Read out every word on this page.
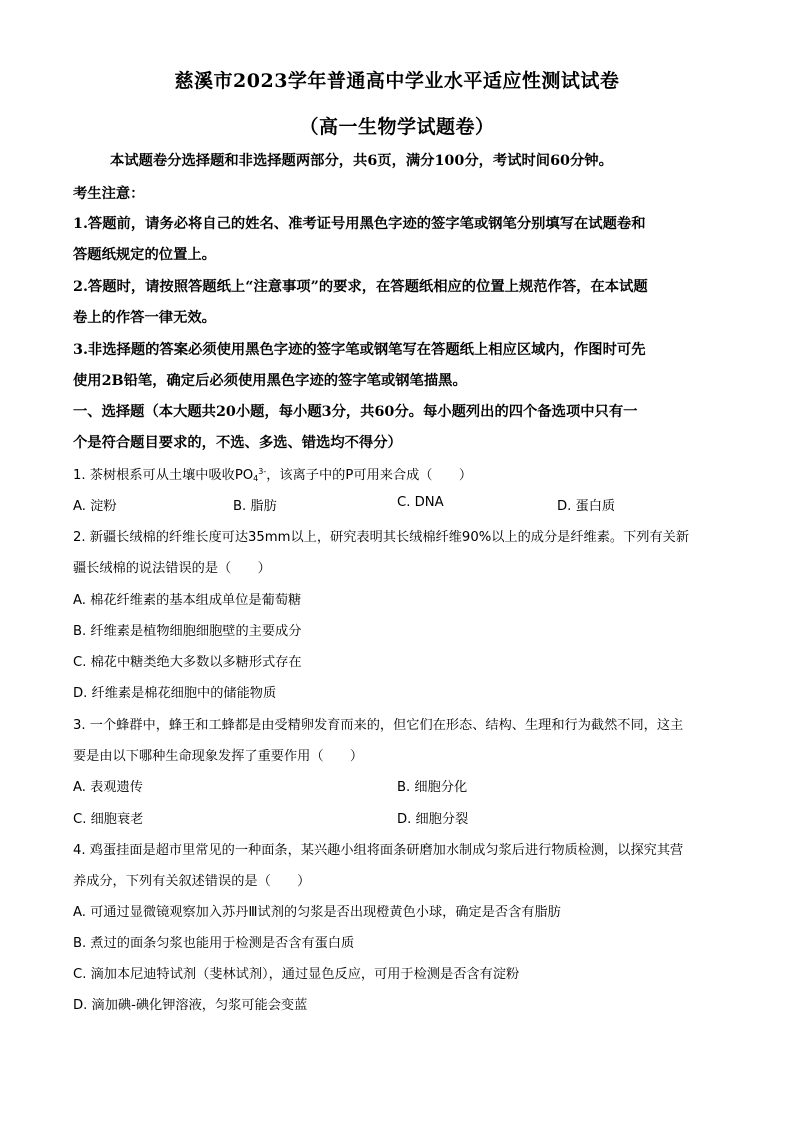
慈溪市2023学年普通高中学业水平适应性测试试卷
（高一生物学试题卷）
本试题卷分选择题和非选择题两部分，共6页，满分100分，考试时间60分钟。
考生注意：
1.答题前，请务必将自己的姓名、准考证号用黑色字迹的签字笔或钢笔分别填写在试题卷和
答题纸规定的位置上。
2.答题时，请按照答题纸上“注意事项”的要求，在答题纸相应的位置上规范作答，在本试题
卷上的作答一律无效。
3.非选择题的答案必须使用黑色字迹的签字笔或钢笔写在答题纸上相应区域内，作图时可先
使用2B铅笔，确定后必须使用黑色字迹的签字笔或钢笔描黑。
一、选择题（本大题共20小题，每小题3分，共60分。每小题列出的四个备选项中只有一
个是符合题目要求的，不选、多选、错选均不得分）
1. 茶树根系可从土壤中吸收$PO_4^{3-}$，该离子中的P可用来合成（　　）
A. 淀粉	B. 脂肪	C. DNA	D. 蛋白质
2. 新疆长绒棉的纤维长度可达35mm以上，研究表明其长绒棉纤维90%以上的成分是纤维素。下列有关新
疆长绒棉的说法错误的是（　　）
A. 棉花纤维素的基本组成单位是葡萄糖
B. 纤维素是植物细胞细胞壁的主要成分
C. 棉花中糖类绝大多数以多糖形式存在
D. 纤维素是棉花细胞中的储能物质
3. 一个蜂群中，蜂王和工蜂都是由受精卵发育而来的，但它们在形态、结构、生理和行为截然不同，这主
要是由以下哪种生命现象发挥了重要作用（　　）
A. 表观遗传	B. 细胞分化
C. 细胞衰老	D. 细胞分裂
4. 鸡蛋挂面是超市里常见的一种面条，某兴趣小组将面条研磨加水制成匀浆后进行物质检测，以探究其营
养成分，下列有关叙述错误的是（　　）
A. 可通过显微镜观察加入苏丹Ⅲ试剂的匀浆是否出现橙黄色小球，确定是否含有脂肪
B. 煮过的面条匀浆也能用于检测是否含有蛋白质
C. 滴加本尼迪特试剂（斐林试剂），通过显色反应，可用于检测是否含有淀粉
D. 滴加碘-碘化钾溶液，匀浆可能会变蓝
